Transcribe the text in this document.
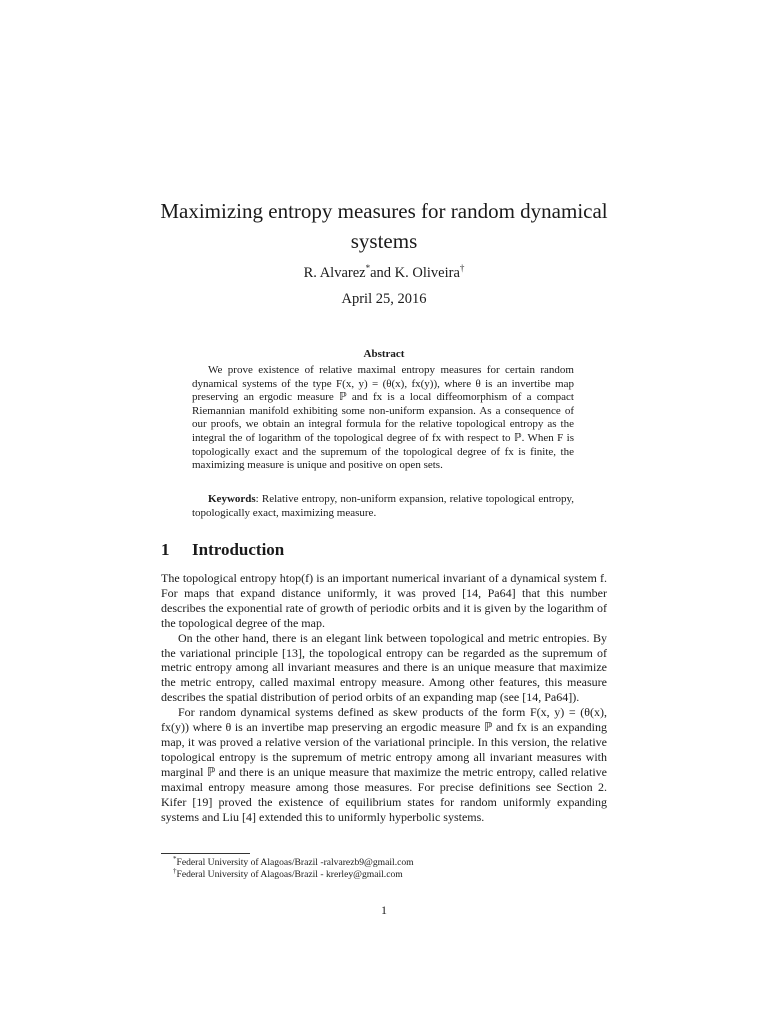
Maximizing entropy measures for random dynamical systems
R. Alvarez*and K. Oliveira†
April 25, 2016
Abstract
We prove existence of relative maximal entropy measures for certain random dynamical systems of the type F(x, y) = (θ(x), fx(y)), where θ is an invertibe map preserving an ergodic measure ℙ and fx is a local diffeomorphism of a compact Riemannian manifold exhibiting some non-uniform expansion. As a consequence of our proofs, we obtain an integral formula for the relative topological entropy as the integral the of logarithm of the topological degree of fx with respect to ℙ. When F is topologically exact and the supremum of the topological degree of fx is finite, the maximizing measure is unique and positive on open sets.
Keywords: Relative entropy, non-uniform expansion, relative topological entropy, topologically exact, maximizing measure.
1 Introduction

The topological entropy htop(f) is an important numerical invariant of a dynamical system f. For maps that expand distance uniformly, it was proved [14, Pa64] that this number describes the exponential rate of growth of periodic orbits and it is given by the logarithm of the topological degree of the map.

On the other hand, there is an elegant link between topological and metric entropies. By the variational principle [13], the topological entropy can be regarded as the supremum of metric entropy among all invariant measures and there is an unique measure that maximize the metric entropy, called maximal entropy measure. Among other features, this measure describes the spatial distribution of period orbits of an expanding map (see [14, Pa64]).

For random dynamical systems defined as skew products of the form F(x, y) = (θ(x), fx(y)) where θ is an invertibe map preserving an ergodic measure ℙ and fx is an expanding map, it was proved a relative version of the variational principle. In this version, the relative topological entropy is the supremum of metric entropy among all invariant measures with marginal ℙ and there is an unique measure that maximize the metric entropy, called relative maximal entropy measure among those measures. For precise definitions see Section 2. Kifer [19] proved the existence of equilibrium states for random uniformly expanding systems and Liu [4] extended this to uniformly hyperbolic systems.

*Federal University of Alagoas/Brazil -ralvarezb9@gmail.com
†Federal University of Alagoas/Brazil - krerley@gmail.com
1
